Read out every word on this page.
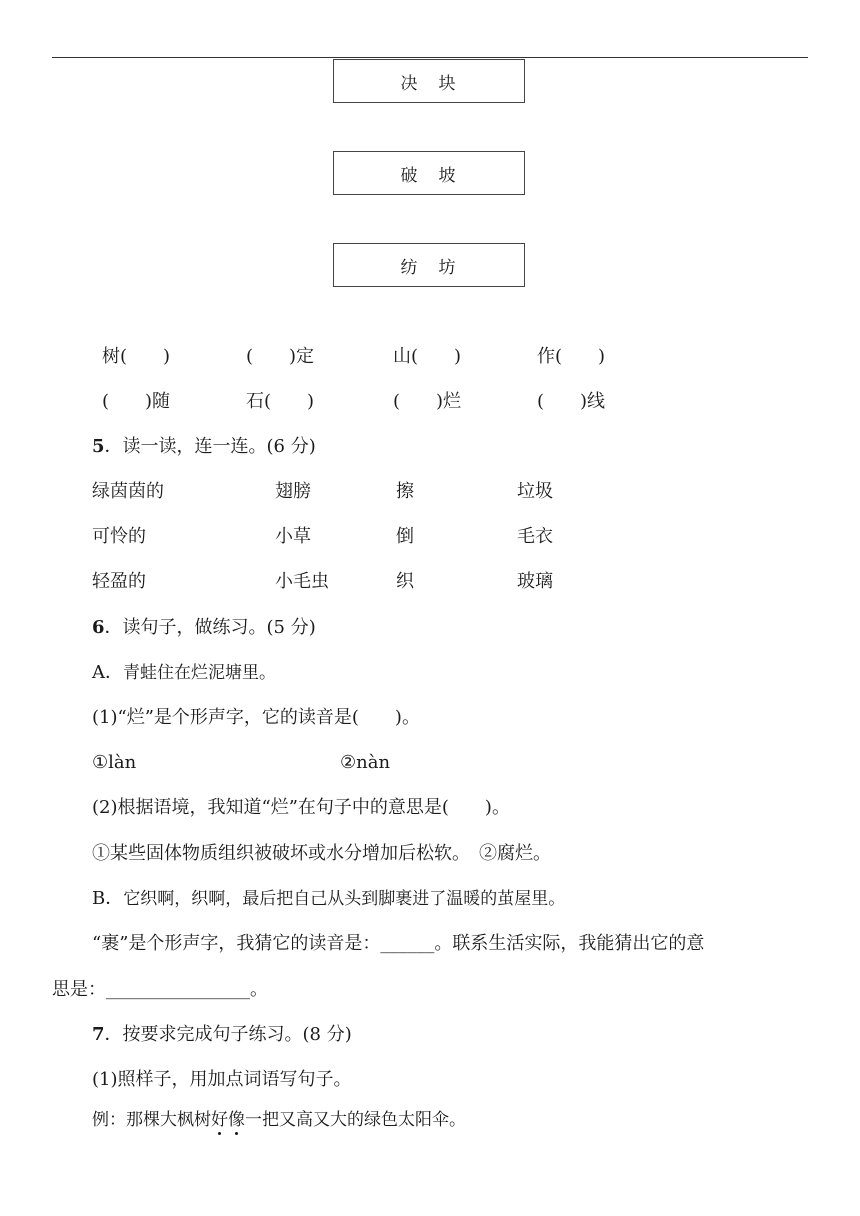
决　块
破　坡
纺　坊
树(　　)	(　　)定	山(　　)	作(　　)
(　　)随	石(　　)	(　　)烂	(　　)线
5．读一读，连一连。(6 分)
绿茵茵的	翅膀	擦	垃圾
可怜的	小草	倒	毛衣
轻盈的	小毛虫	织	玻璃
6．读句子，做练习。(5 分)
A．青蛙住在烂泥塘里。
(1)“烂”是个形声字，它的读音是(　　)。
①làn	②nàn
(2)根据语境，我知道“烂”在句子中的意思是(　　)。
①某些固体物质组织被破坏或水分增加后松软。　②腐烂。
B．它织啊，织啊，最后把自己从头到脚裹进了温暖的茧屋里。
“裹”是个形声字，我猜它的读音是：______。联系生活实际，我能猜出它的意
思是：________________。
7．按要求完成句子练习。(8 分)
(1)照样子，用加点词语写句子。
例：那棵大枫树好像一把又高又大的绿色太阳伞。
